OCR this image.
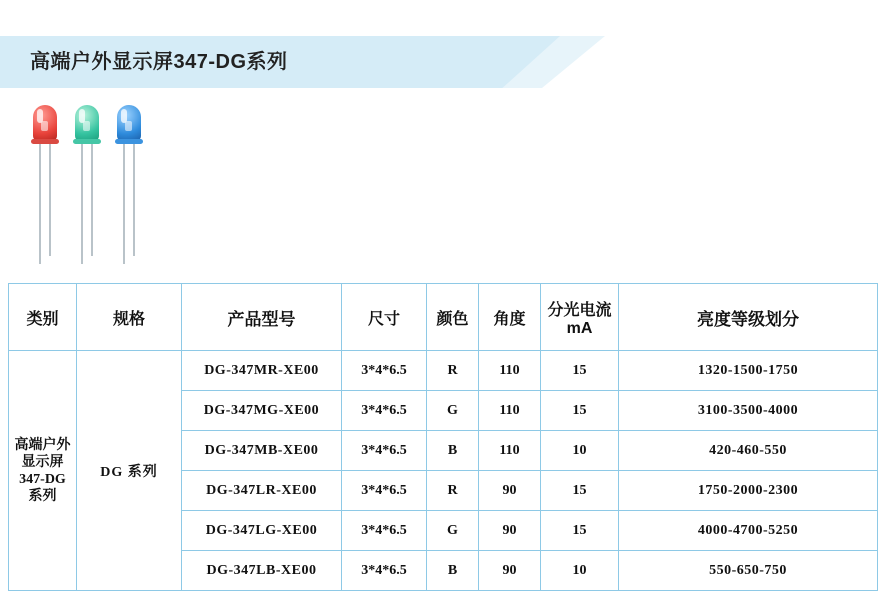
高端户外显示屏347-DG系列
类别	规格	产品型号	尺寸	颜色	角度	分光电流mA	亮度等级划分
高端户外显示屏347-DG系列	DG 系列	DG-347MR-XE00	3*4*6.5	R	110	15	1320-1500-1750
		DG-347MG-XE00	3*4*6.5	G	110	15	3100-3500-4000
		DG-347MB-XE00	3*4*6.5	B	110	10	420-460-550
		DG-347LR-XE00	3*4*6.5	R	90	15	1750-2000-2300
		DG-347LG-XE00	3*4*6.5	G	90	15	4000-4700-5250
		DG-347LB-XE00	3*4*6.5	B	90	10	550-650-750
